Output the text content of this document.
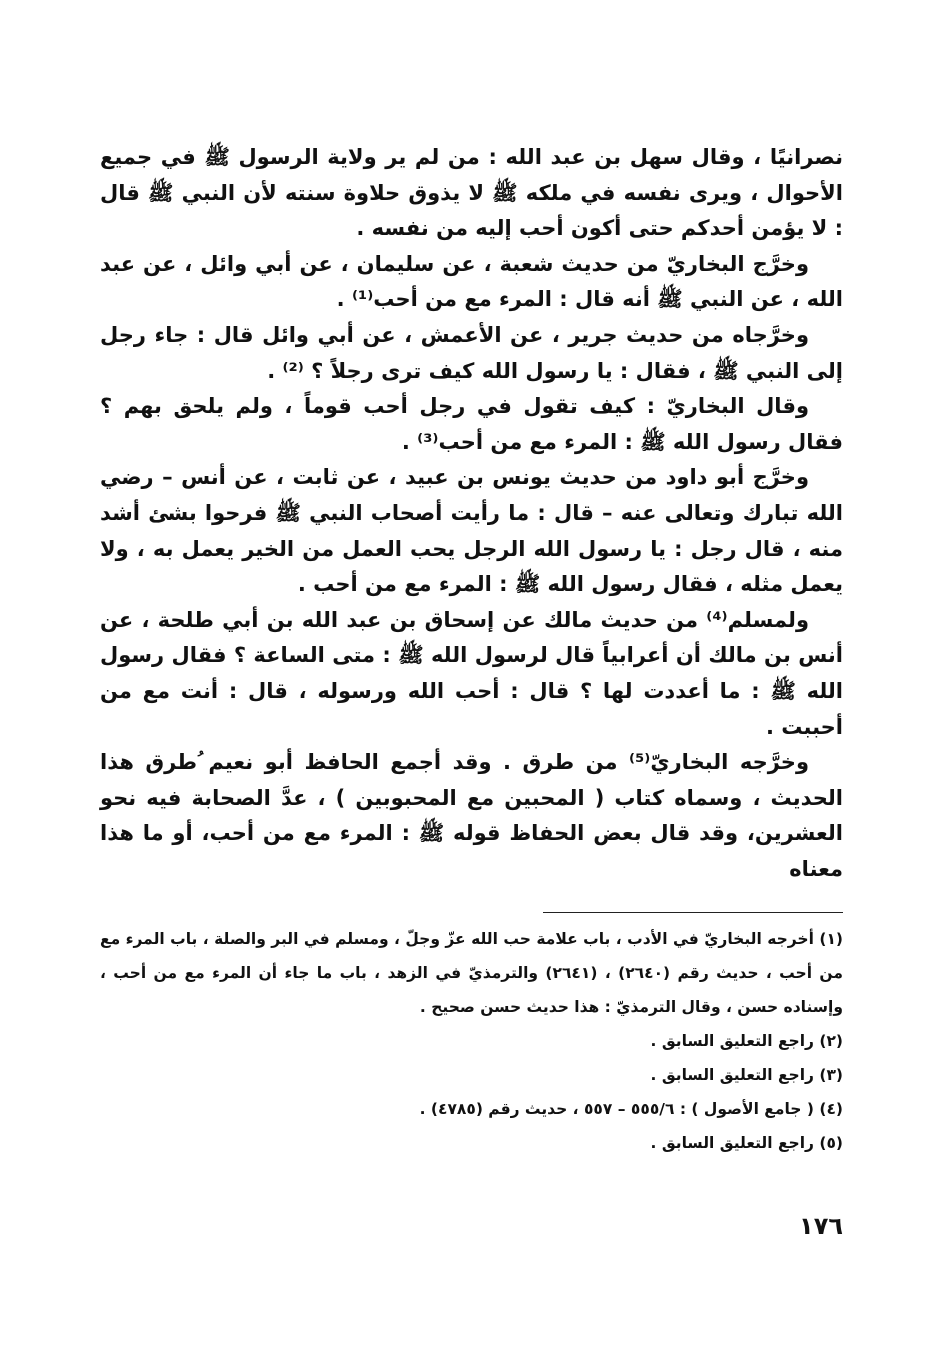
نصرانيًا ، وقال سهل بن عبد الله : من لم ير ولاية الرسول ﷺ في جميع الأحوال ، ويرى نفسه في ملكه ﷺ لا يذوق حلاوة سنته لأن النبي ﷺ قال : لا يؤمن أحدكم حتى أكون أحب إليه من نفسه .

وخرَّج البخاريّ من حديث شعبة ، عن سليمان ، عن أبي وائل ، عن عبد الله ، عن النبي ﷺ أنه قال : المرء مع من أحب⁽¹⁾ .

وخرَّجاه من حديث جرير ، عن الأعمش ، عن أبي وائل قال : جاء رجل إلى النبي ﷺ ، فقال : يا رسول الله كيف ترى رجلاً ؟ ⁽²⁾ .

وقال البخاريّ : كيف تقول في رجل أحب قوماً ، ولم يلحق بهم ؟ فقال رسول الله ﷺ : المرء مع من أحب⁽³⁾ .

وخرَّج أبو داود من حديث يونس بن عبيد ، عن ثابت ، عن أنس – رضي الله تبارك وتعالى عنه – قال : ما رأيت أصحاب النبي ﷺ فرحوا بشئ أشد منه ، قال رجل : يا رسول الله الرجل يحب العمل من الخير يعمل به ، ولا يعمل مثله ، فقال رسول الله ﷺ : المرء مع من أحب .

ولمسلم⁽⁴⁾ من حديث مالك عن إسحاق بن عبد الله بن أبي طلحة ، عن أنس بن مالك أن أعرابياً قال لرسول الله ﷺ : متى الساعة ؟ فقال رسول الله ﷺ : ما أعددت لها ؟ قال : أحب الله ورسوله ، قال : أنت مع من أحببت .

وخرَّجه البخاريّ⁽⁵⁾ من طرق . وقد أجمع الحافظ أبو نعيم ُطرق هذا الحديث ، وسماه كتاب ( المحبين مع المحبوبين ) ، عدَّ الصحابة فيه نحو العشرين، وقد قال بعض الحفاظ قوله ﷺ : المرء مع من أحب، أو ما هذا معناه

(١) أخرجه البخاريّ في الأدب ، باب علامة حب الله عزّ وجلّ ، ومسلم في البر والصلة ، باب المرء مع من أحب ، حديث رقم (٢٦٤٠) ، (٢٦٤١) والترمذيّ في الزهد ، باب ما جاء أن المرء مع من أحب ، وإسناده حسن ، وقال الترمذيّ : هذا حديث حسن صحيح .

(٢) راجع التعليق السابق .

(٣) راجع التعليق السابق .

(٤) ( جامع الأصول ) : ٥٥٥/٦ – ٥٥٧ ، حديث رقم (٤٧٨٥) .

(٥) راجع التعليق السابق .

١٧٦
